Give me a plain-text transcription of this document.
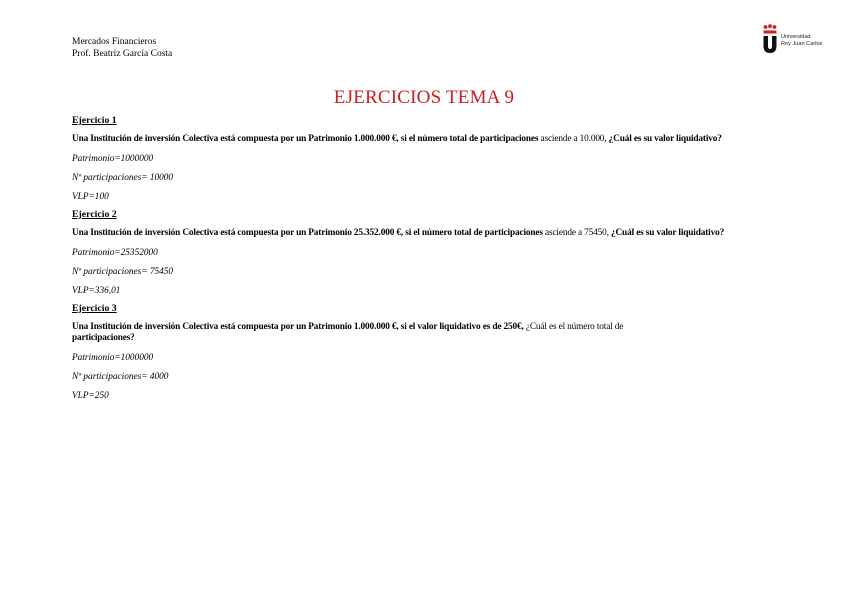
Mercados Financieros
Prof. Beatriz García Costa
Universidad
Rey Juan Carlos
EJERCICIOS TEMA 9

Ejercicio 1

Una Institución de inversión Colectiva está compuesta por un Patrimonio 1.000.000 €, si el número total de participaciones asciende a 10.000, ¿Cuál es su valor liquidativo?

Patrimonio=1000000

Nº participaciones= 10000

VLP=100

Ejercicio 2

Una Institución de inversión Colectiva está compuesta por un Patrimonio 25.352.000 €, si el número total de participaciones asciende a 75450, ¿Cuál es su valor liquidativo?

Patrimonio=25352000

Nº participaciones= 75450

VLP=336,01

Ejercicio 3

Una Institución de inversión Colectiva está compuesta por un Patrimonio 1.000.000 €, si el valor liquidativo es de 250€, ¿Cuál es el número total de
participaciones?

Patrimonio=1000000

Nº participaciones= 4000

VLP=250
